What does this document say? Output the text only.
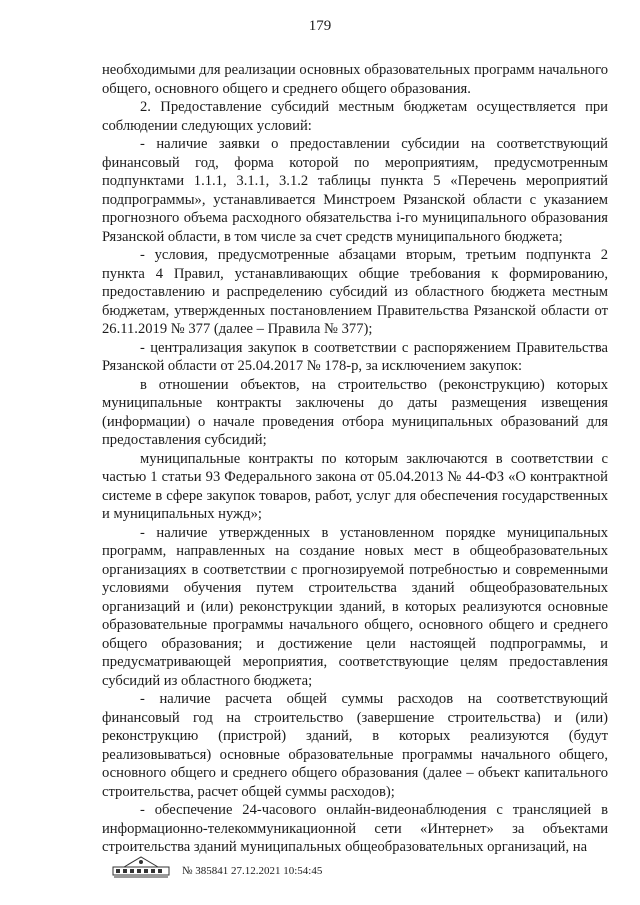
179

необходимыми для реализации основных образовательных программ начального общего, основного общего и среднего общего образования.

2. Предоставление субсидий местным бюджетам осуществляется при соблюдении следующих условий:

- наличие заявки о предоставлении субсидии на соответствующий финансовый год, форма которой по мероприятиям, предусмотренным подпунктами 1.1.1, 3.1.1, 3.1.2 таблицы пункта 5 «Перечень мероприятий подпрограммы», устанавливается Минстроем Рязанской области с указанием прогнозного объема расходного обязательства i-го муниципального образования Рязанской области, в том числе за счет средств муниципального бюджета;

- условия, предусмотренные абзацами вторым, третьим подпункта 2 пункта 4 Правил, устанавливающих общие требования к формированию, предоставлению и распределению субсидий из областного бюджета местным бюджетам, утвержденных постановлением Правительства Рязанской области от 26.11.2019 № 377 (далее – Правила № 377);

- централизация закупок в соответствии с распоряжением Правительства Рязанской области от 25.04.2017 № 178-р, за исключением закупок:

в отношении объектов, на строительство (реконструкцию) которых муниципальные контракты заключены до даты размещения извещения (информации) о начале проведения отбора муниципальных образований для предоставления субсидий;

муниципальные контракты по которым заключаются в соответствии с частью 1 статьи 93 Федерального закона от 05.04.2013 № 44-ФЗ «О контрактной системе в сфере закупок товаров, работ, услуг для обеспечения государственных и муниципальных нужд»;

- наличие утвержденных в установленном порядке муниципальных программ, направленных на создание новых мест в общеобразовательных организациях в соответствии с прогнозируемой потребностью и современными условиями обучения путем строительства зданий общеобразовательных организаций и (или) реконструкции зданий, в которых реализуются основные образовательные программы начального общего, основного общего и среднего общего образования; и достижение цели настоящей подпрограммы, и предусматривающей мероприятия, соответствующие целям предоставления субсидий из областного бюджета;

- наличие расчета общей суммы расходов на соответствующий финансовый год на строительство (завершение строительства) и (или) реконструкцию (пристрой) зданий, в которых реализуются (будут реализовываться) основные образовательные программы начального общего, основного общего и среднего общего образования (далее – объект капитального строительства, расчет общей суммы расходов);

- обеспечение 24-часового онлайн-видеонаблюдения с трансляцией в информационно-телекоммуникационной сети «Интернет» за объектами строительства зданий муниципальных общеобразовательных организаций, на

№ 385841 27.12.2021 10:54:45
